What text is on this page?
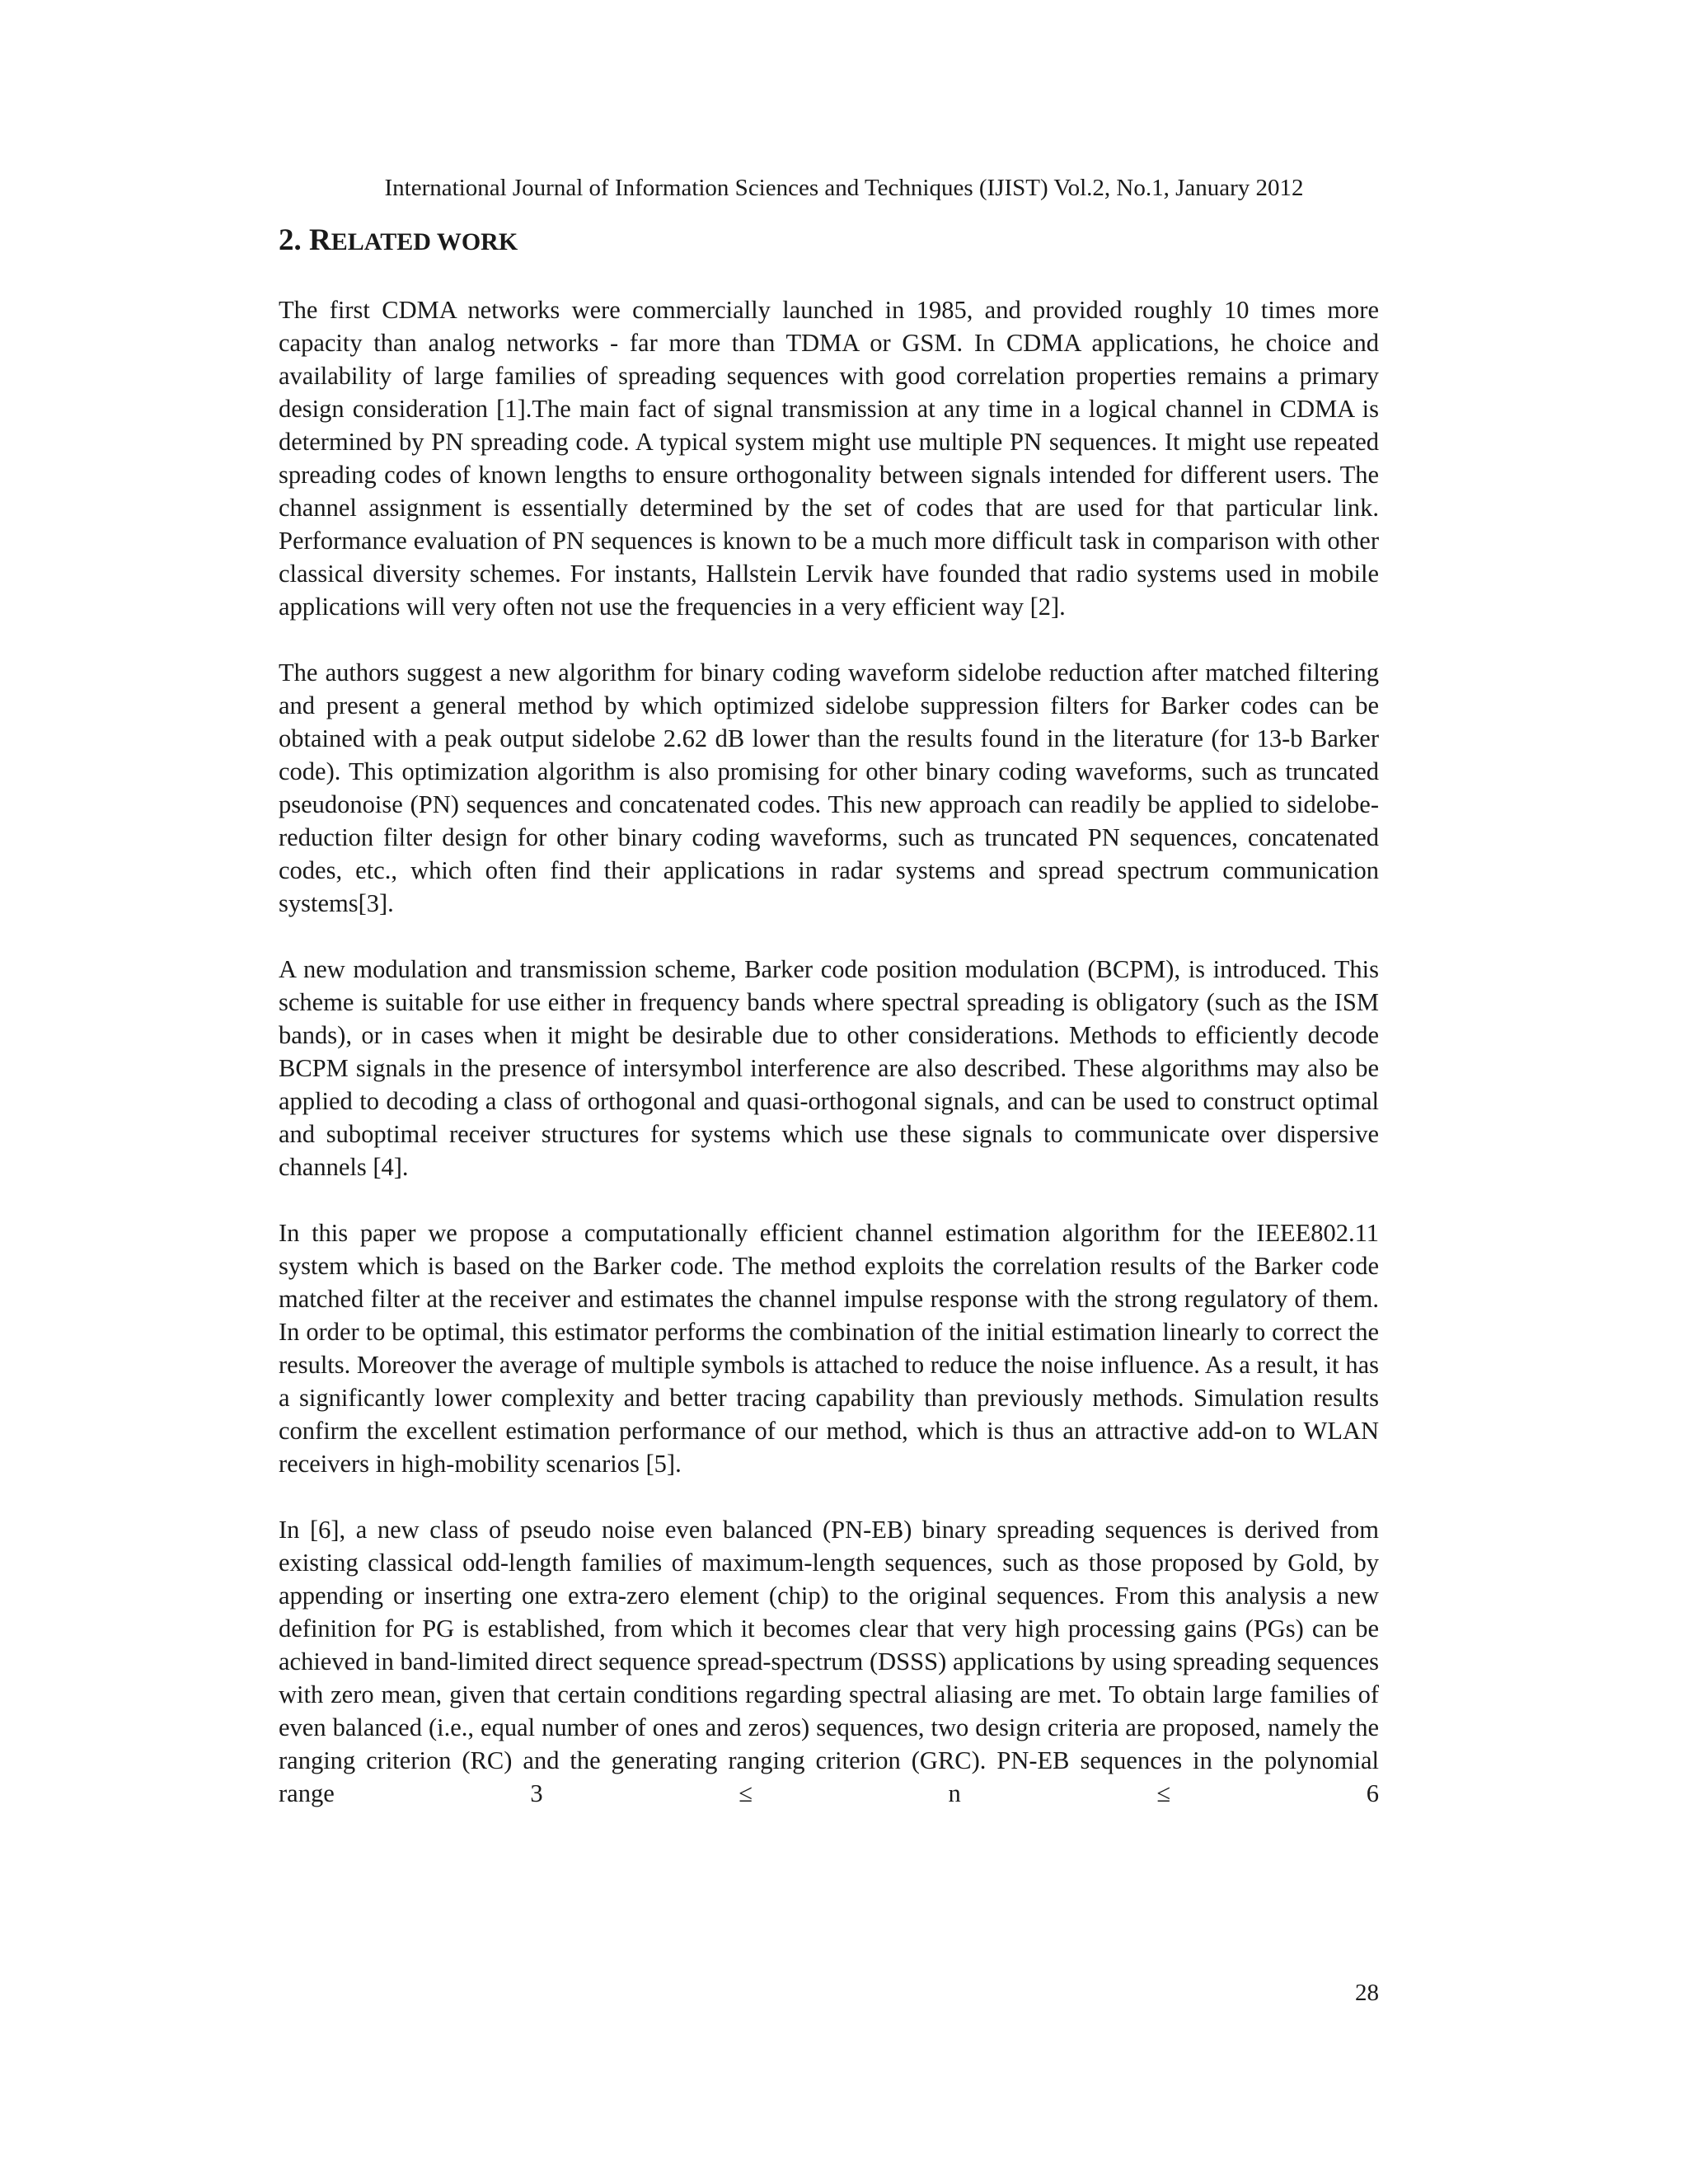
International Journal of Information Sciences and Techniques (IJIST) Vol.2, No.1, January 2012

2. RELATED WORK

The first CDMA networks were commercially launched in 1985, and provided roughly 10 times more capacity than analog networks - far more than TDMA or GSM. In CDMA applications, he choice and availability of large families of spreading sequences with good correlation properties remains a primary design consideration [1].The main fact of signal transmission at any time in a logical channel in CDMA is determined by PN spreading code. A typical system might use multiple PN sequences. It might use repeated spreading codes of known lengths to ensure orthogonality between signals intended for different users. The channel assignment is essentially determined by the set of codes that are used for that particular link. Performance evaluation of PN sequences is known to be a much more difficult task in comparison with other classical diversity schemes. For instants, Hallstein Lervik have founded that radio systems used in mobile applications will very often not use the frequencies in a very efficient way [2].

The authors suggest a new algorithm for binary coding waveform sidelobe reduction after matched filtering and present a general method by which optimized sidelobe suppression filters for Barker codes can be obtained with a peak output sidelobe 2.62 dB lower than the results found in the literature (for 13-b Barker code). This optimization algorithm is also promising for other binary coding waveforms, such as truncated pseudonoise (PN) sequences and concatenated codes. This new approach can readily be applied to sidelobe-reduction filter design for other binary coding waveforms, such as truncated PN sequences, concatenated codes, etc., which often find their applications in radar systems and spread spectrum communication systems[3].

A new modulation and transmission scheme, Barker code position modulation (BCPM), is introduced. This scheme is suitable for use either in frequency bands where spectral spreading is obligatory (such as the ISM bands), or in cases when it might be desirable due to other considerations. Methods to efficiently decode BCPM signals in the presence of intersymbol interference are also described. These algorithms may also be applied to decoding a class of orthogonal and quasi-orthogonal signals, and can be used to construct optimal and suboptimal receiver structures for systems which use these signals to communicate over dispersive channels [4].

In this paper we propose a computationally efficient channel estimation algorithm for the IEEE802.11 system which is based on the Barker code. The method exploits the correlation results of the Barker code matched filter at the receiver and estimates the channel impulse response with the strong regulatory of them. In order to be optimal, this estimator performs the combination of the initial estimation linearly to correct the results. Moreover the average of multiple symbols is attached to reduce the noise influence. As a result, it has a significantly lower complexity and better tracing capability than previously methods. Simulation results confirm the excellent estimation performance of our method, which is thus an attractive add-on to WLAN receivers in high-mobility scenarios [5].

In [6], a new class of pseudo noise even balanced (PN-EB) binary spreading sequences is derived from existing classical odd-length families of maximum-length sequences, such as those proposed by Gold, by appending or inserting one extra-zero element (chip) to the original sequences. From this analysis a new definition for PG is established, from which it becomes clear that very high processing gains (PGs) can be achieved in band-limited direct sequence spread-spectrum (DSSS) applications by using spreading sequences with zero mean, given that certain conditions regarding spectral aliasing are met. To obtain large families of even balanced (i.e., equal number of ones and zeros) sequences, two design criteria are proposed, namely the ranging criterion (RC) and the generating ranging criterion (GRC). PN-EB sequences in the polynomial range 3 ≤ n ≤ 6

28
